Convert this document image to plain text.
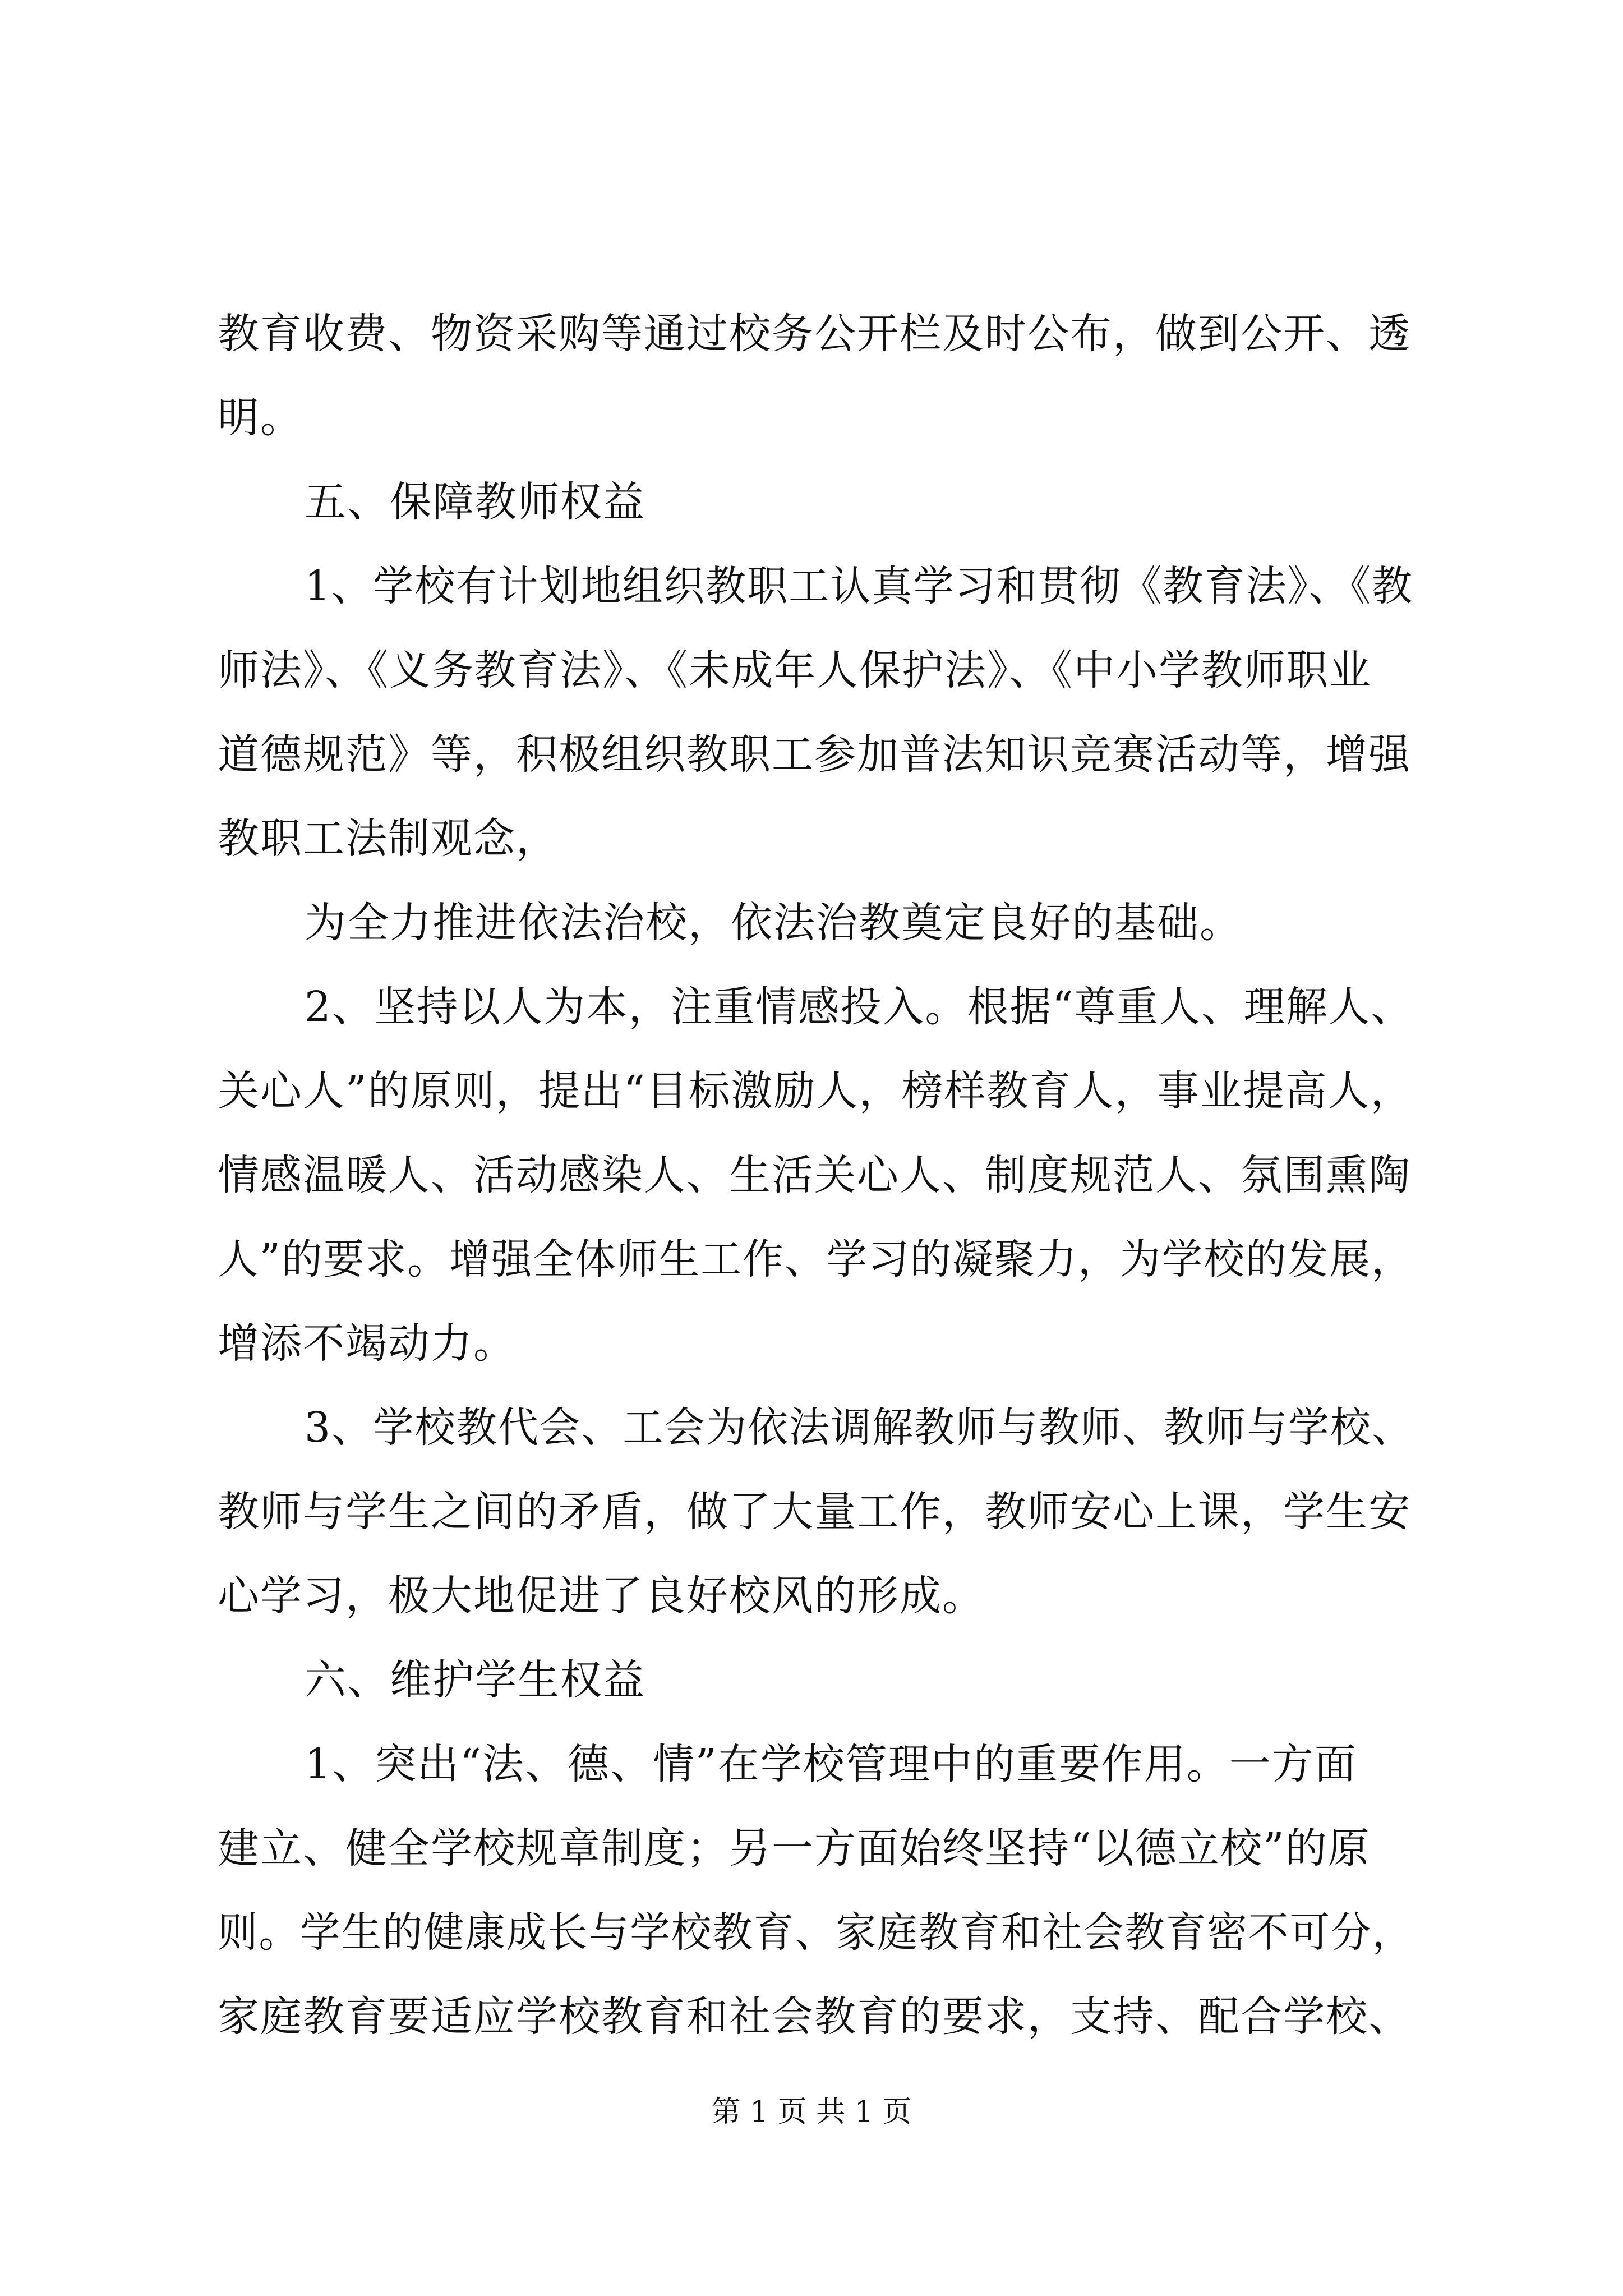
教育收费、物资采购等通过校务公开栏及时公布，做到公开、透
明。
五、保障教师权益
1、学校有计划地组织教职工认真学习和贯彻《教育法》、《教
师法》、《义务教育法》、《未成年人保护法》、《中小学教师职业
道德规范》等，积极组织教职工参加普法知识竞赛活动等，增强
教职工法制观念，
为全力推进依法治校，依法治教奠定良好的基础。
2、坚持以人为本，注重情感投入。根据“尊重人、理解人、
关心人”的原则，提出“目标激励人，榜样教育人，事业提高人，
情感温暖人、活动感染人、生活关心人、制度规范人、氛围熏陶
人”的要求。增强全体师生工作、学习的凝聚力，为学校的发展，
增添不竭动力。
3、学校教代会、工会为依法调解教师与教师、教师与学校、
教师与学生之间的矛盾，做了大量工作，教师安心上课，学生安
心学习，极大地促进了良好校风的形成。
六、维护学生权益
1、突出“法、德、情”在学校管理中的重要作用。一方面
建立、健全学校规章制度；另一方面始终坚持“以德立校”的原
则。学生的健康成长与学校教育、家庭教育和社会教育密不可分，
家庭教育要适应学校教育和社会教育的要求，支持、配合学校、
第 1 页 共 1 页
